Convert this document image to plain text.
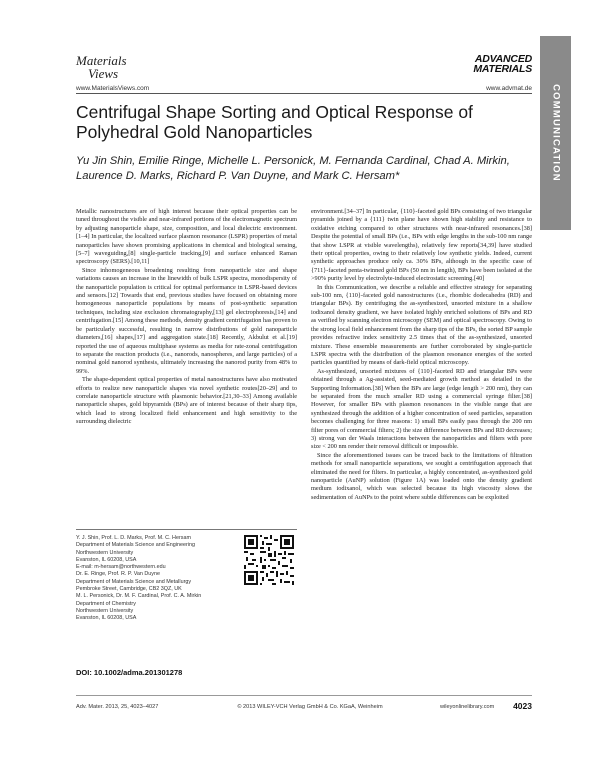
Materials
Views
www.MaterialsViews.com
ADVANCED
MATERIALS
www.advmat.de COMMUNICATION
Centrifugal Shape Sorting and Optical Response of Polyhedral Gold Nanoparticles
Yu Jin Shin, Emilie Ringe, Michelle L. Personick, M. Fernanda Cardinal, Chad A. Mirkin, Laurence D. Marks, Richard P. Van Duyne, and Mark C. Hersam*

Metallic nanostructures are of high interest because their optical properties can be tuned throughout the visible and near-infrared portions of the electromagnetic spectrum by adjusting nanoparticle shape, size, composition, and local dielectric environment.[1–4] In particular, the localized surface plasmon resonance (LSPR) properties of metal nanoparticles have shown promising applications in chemical and biological sensing,[5–7] waveguiding,[8] single-particle tracking,[9] and surface enhanced Raman spectroscopy (SERS).[10,11]

Since inhomogeneous broadening resulting from nanoparticle size and shape variations causes an increase in the linewidth of bulk LSPR spectra, monodispersity of the nanoparticle population is critical for optimal performance in LSPR-based devices and sensors.[12] Towards that end, previous studies have focused on obtaining more homogeneous nanoparticle populations by means of post-synthetic separation techniques, including size exclusion chromatography,[13] gel electrophoresis,[14] and centrifugation.[15] Among these methods, density gradient centrifugation has proven to be particularly successful, resulting in narrow distributions of gold nanoparticle diameters,[16] shapes,[17] and aggregation state.[18] Recently, Akbulut et al.[19] reported the use of aqueous multiphase systems as media for rate-zonal centrifugation to separate the reaction products (i.e., nanorods, nanospheres, and large particles) of a nominal gold nanorod synthesis, ultimately increasing the nanorod purity from 48% to 99%.

The shape-dependent optical properties of metal nanostructures have also motivated efforts to realize new nanoparticle shapes via novel synthetic routes[20–29] and to correlate nanoparticle structure with plasmonic behavior.[21,30–33] Among available nanoparticle shapes, gold bipyramids (BPs) are of interest because of their sharp tips, which lead to strong localized field enhancement and high sensitivity to the surrounding dielectric

environment.[34–37] In particular, {110}-faceted gold BPs consisting of two triangular pyramids joined by a {111} twin plane have shown high stability and resistance to oxidative etching compared to other structures with near-infrared resonances.[38] Despite the potential of small BPs (i.e., BPs with edge lengths in the sub-100 nm range that show LSPR at visible wavelengths), relatively few reports[34,39] have studied their optical properties, owing to their relatively low synthetic yields. Indeed, current synthetic approaches produce only ca. 30% BPs, although in the specific case of {711}-faceted penta-twinned gold BPs (50 nm in length), BPs have been isolated at the >90% purity level by electrolyte-induced electrostatic screening.[40]

In this Communication, we describe a reliable and effective strategy for separating sub-100 nm, {110}-faceted gold nanostructures (i.e., rhombic dodecahedra (RD) and triangular BPs). By centrifuging the as-synthesized, unsorted mixture in a shallow iodixanol density gradient, we have isolated highly enriched solutions of BPs and RD as verified by scanning electron microscopy (SEM) and optical spectroscopy. Owing to the strong local field enhancement from the sharp tips of the BPs, the sorted BP sample provides refractive index sensitivity 2.5 times that of the as-synthesized, unsorted mixture. These ensemble measurements are further corroborated by single-particle LSPR spectra with the distribution of the plasmon resonance energies of the sorted particles quantified by means of dark-field optical microscopy.

As-synthesized, unsorted mixtures of {110}-faceted RD and triangular BPs were obtained through a Ag-assisted, seed-mediated growth method as detailed in the Supporting Information.[38] When the BPs are large (edge length > 200 nm), they can be separated from the much smaller RD using a commercial syringe filter.[38] However, for smaller BPs with plasmon resonances in the visible range that are synthesized through the addition of a higher concentration of seed particles, separation becomes challenging for three reasons: 1) small BPs easily pass through the 200 nm filter pores of commercial filters; 2) the size difference between BPs and RD decreases; 3) strong van der Waals interactions between the nanoparticles and filters with pore size < 200 nm render their removal difficult or impossible.

Since the aforementioned issues can be traced back to the limitations of filtration methods for small nanoparticle separations, we sought a centrifugation approach that eliminated the need for filters. In particular, a highly concentrated, as-synthesized gold nanoparticle (AuNP) solution (Figure 1A) was loaded onto the density gradient medium iodixanol, which was selected because its high viscosity slows the sedimentation of AuNPs to the point where subtle differences can be exploited

Y. J. Shin, Prof. L. D. Marks, Prof. M. C. Hersam
Department of Materials Science and Engineering
Northwestern University
Evanston, IL 60208, USA
E-mail: m-hersam@northwestern.edu
Dr. E. Ringe, Prof. R. P. Van Duyne
Department of Materials Science and Metallurgy
Pembroke Street, Cambridge, CB2 3QZ, UK
M. L. Personick, Dr. M. F. Cardinal, Prof. C. A. Mirkin
Department of Chemistry
Northwestern University
Evanston, IL 60208, USA
DOI: 10.1002/adma.201301278
Adv. Mater. 2013, 25, 4023–4027	© 2013 WILEY-VCH Verlag GmbH & Co. KGaA, Weinheim	wileyonlinelibrary.com	4023
